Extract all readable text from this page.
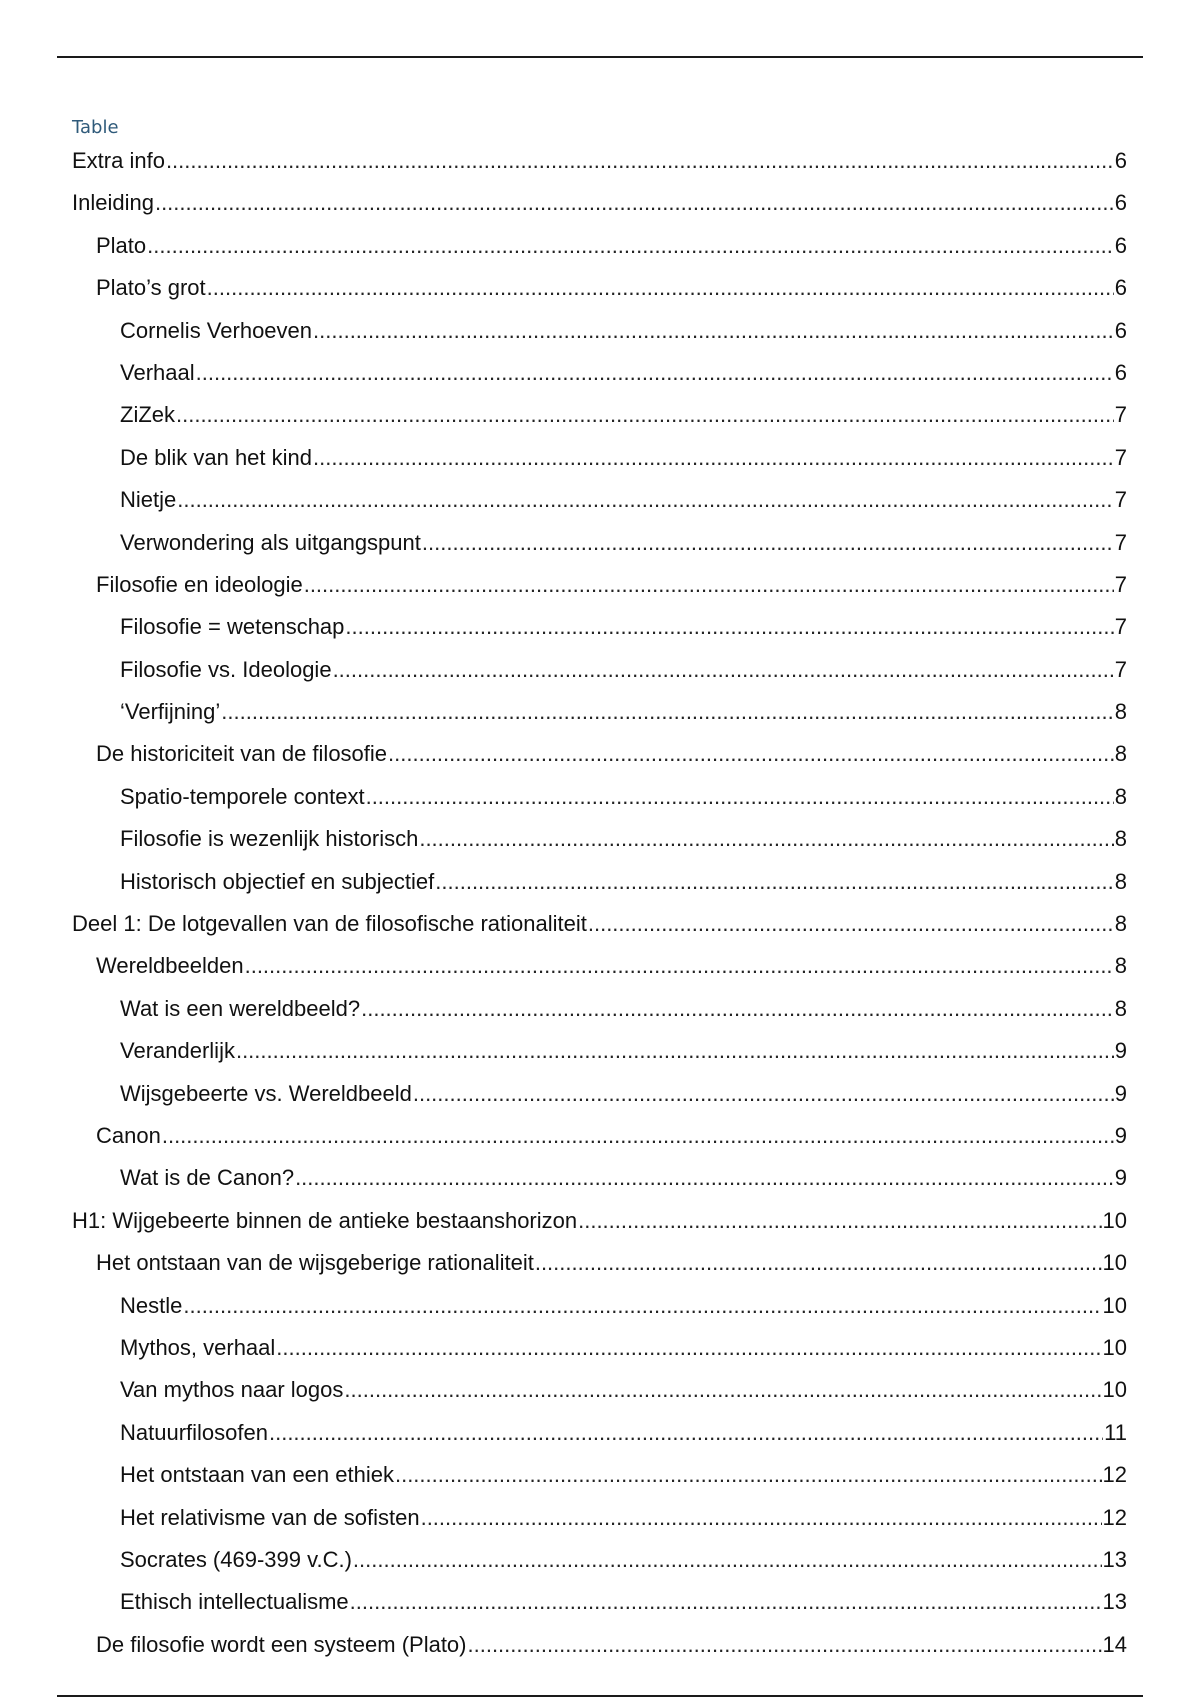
Table
Extra info .....	6
Inleiding .....	6
Plato .....	6
Plato’s grot .....	6
Cornelis Verhoeven .....	6
Verhaal .....	6
ZiZek .....	7
De blik van het kind .....	7
Nietje .....	7
Verwondering als uitgangspunt .....	7
Filosofie en ideologie .....	7
Filosofie = wetenschap .....	7
Filosofie vs. Ideologie .....	7
‘Verfijning’ .....	8
De historiciteit van de filosofie .....	8
Spatio-temporele context .....	8
Filosofie is wezenlijk historisch .....	8
Historisch objectief en subjectief .....	8
Deel 1: De lotgevallen van de filosofische rationaliteit .....	8
Wereldbeelden .....	8
Wat is een wereldbeeld? .....	8
Veranderlijk .....	9
Wijsgebeerte vs. Wereldbeeld .....	9
Canon .....	9
Wat is de Canon? .....	9
H1: Wijgebeerte binnen de antieke bestaanshorizon .....	10
Het ontstaan van de wijsgeberige rationaliteit .....	10
Nestle .....	10
Mythos, verhaal .....	10
Van mythos naar logos .....	10
Natuurfilosofen .....	11
Het ontstaan van een ethiek .....	12
Het relativisme van de sofisten .....	12
Socrates (469-399 v.C.) .....	13
Ethisch intellectualisme .....	13
De filosofie wordt een systeem (Plato) .....	14
